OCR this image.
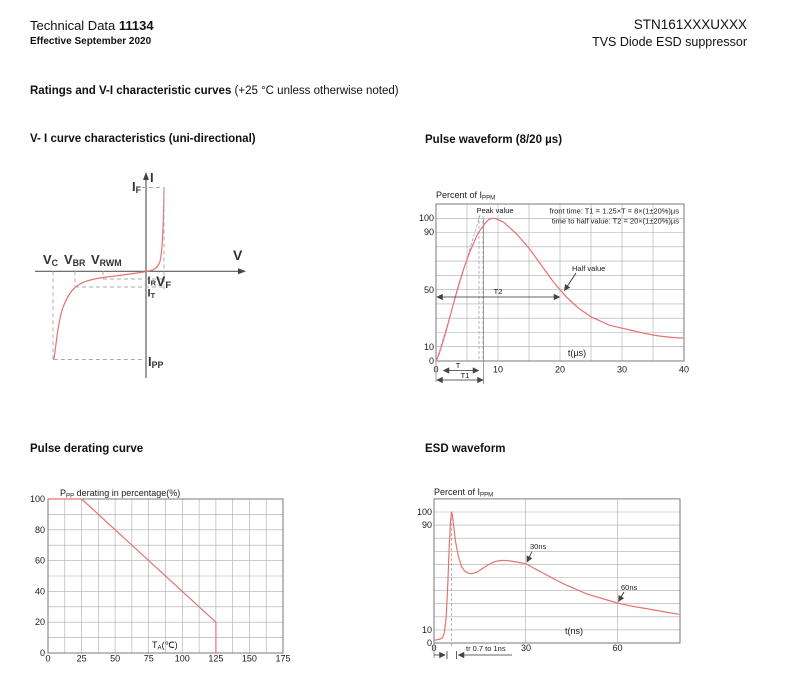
Technical Data 11134
Effective September 2020
STN161XXXUXXX
TVS Diode ESD suppressor
Ratings and V-I characteristic curves (+25 °C unless otherwise noted)
V- I curve characteristics (uni-directional)	Pulse waveform (8/20 µs)
Pulse derating curve	ESD waveform
I
V
IF
VC VBR VRWM
IR VF
IT
IPP
Percent of IPPM
100
90
50
10
0
0	10	20	30	40
t(µs)
Peak value	front time: T1 = 1.25×T = 8×(1±20%)µs
time to half value: T2 = 20×(1±20%)µs
Half value
T2
T
T1
PPP derating in percentage(%)
100
80
60
40
20
0
0	25	50	75 100 125 150 175
TA(℃)
Percent of IPPM
100
90
10
0 0	30	60
t(ns)
30ns
60ns
tr 0.7 to 1ns
